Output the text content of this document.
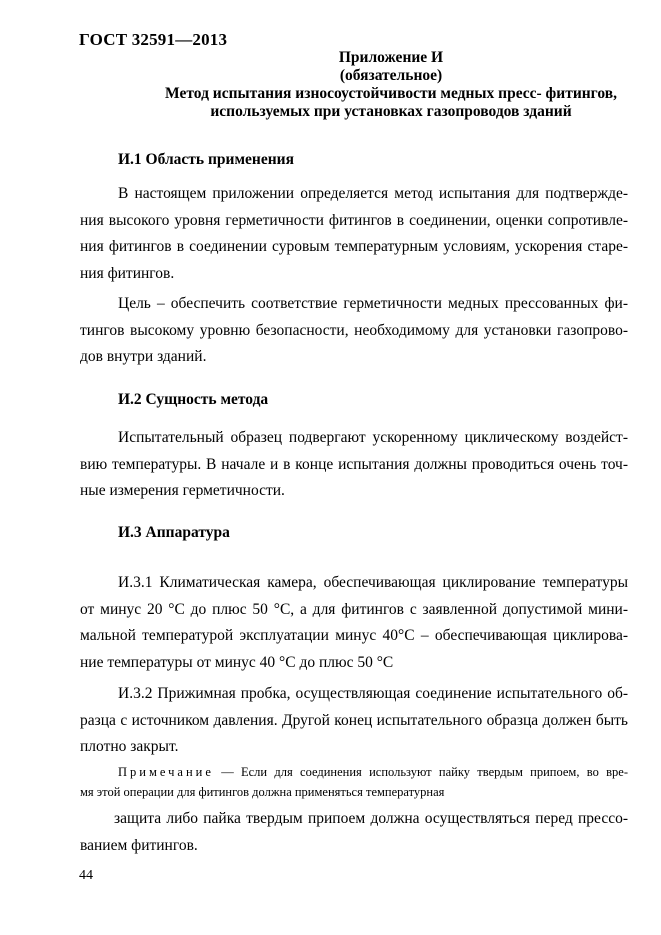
ГОСТ 32591—2013
Приложение И
(обязательное)
Метод испытания износоустойчивости медных пресс- фитингов,
используемых при установках газопроводов зданий
И.1 Область применения
В настоящем приложении определяется метод испытания для подтвержде-
ния высокого уровня герметичности фитингов в соединении, оценки сопротивле-
ния фитингов в соединении суровым температурным условиям, ускорения старе-
ния фитингов.
Цель – обеспечить соответствие герметичности медных прессованных фи-
тингов высокому уровню безопасности, необходимому для установки газопрово-
дов внутри зданий.
И.2 Сущность метода
Испытательный образец подвергают ускоренному циклическому воздейст-
вию температуры. В начале и в конце испытания должны проводиться очень точ-
ные измерения герметичности.
И.3 Аппаратура
И.3.1 Климатическая камера, обеспечивающая циклирование температуры
от минус 20 °С до плюс 50 °С, а для фитингов с заявленной допустимой мини-
мальной температурой эксплуатации минус 40°С – обеспечивающая циклирова-
ние температуры от минус 40 °С до плюс 50 °С
И.3.2 Прижимная пробка, осуществляющая соединение испытательного об-
разца с источником давления. Другой конец испытательного образца должен быть
плотно закрыт.
Примечание — Если для соединения используют пайку твердым припоем, во вре-
мя этой операции для фитингов должна применяться температурная
защита либо пайка твердым припоем должна осуществляться перед прессо-
ванием фитингов.
44
